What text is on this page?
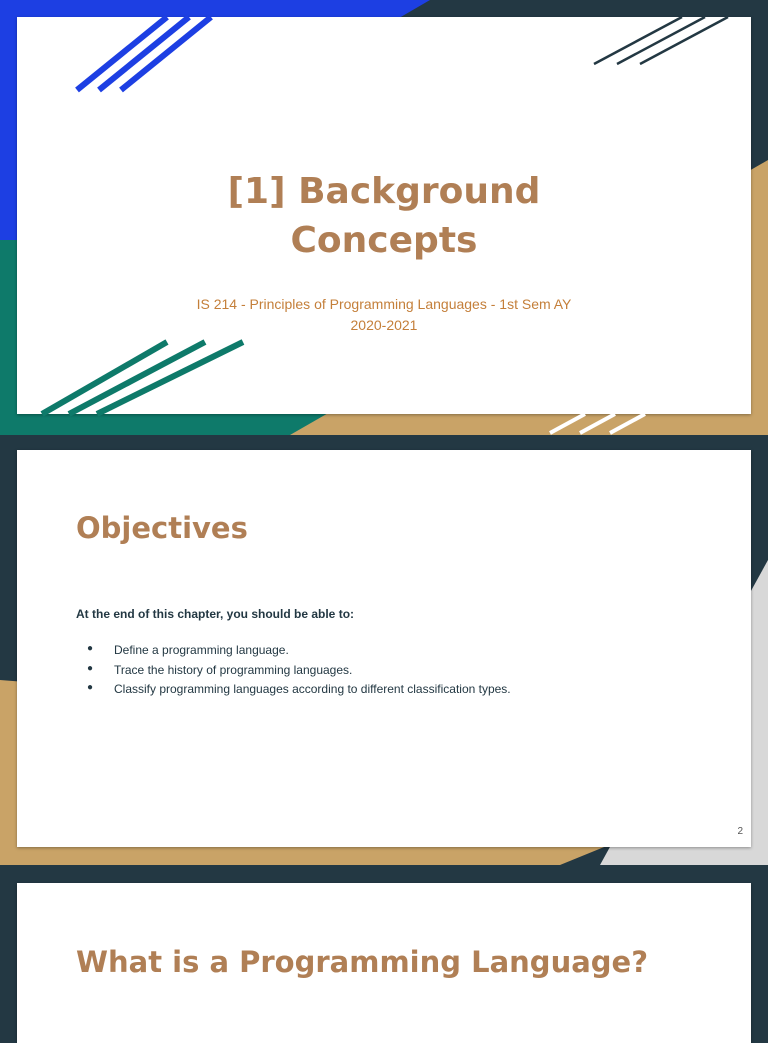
[1] Background
Concepts
IS 214 - Principles of Programming Languages - 1st Sem AY
2020-2021
Objectives
At the end of this chapter, you should be able to:
● Define a programming language.
● Trace the history of programming languages.
● Classify programming languages according to different classification types.
2
What is a Programming Language?
